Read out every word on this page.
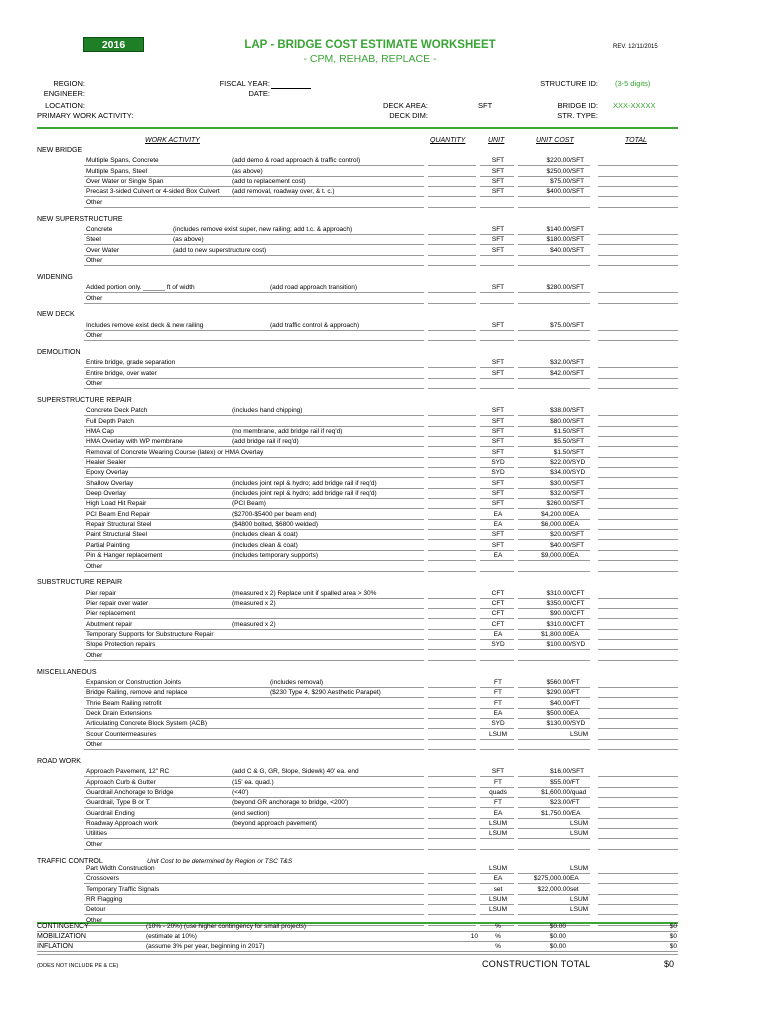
2016	LAP - BRIDGE COST ESTIMATE WORKSHEET
- CPM, REHAB, REPLACE -
REV. 12/11/2015
REGION:
ENGINEER:
LOCATION:
PRIMARY WORK ACTIVITY:
FISCAL YEAR:
DATE:
DECK AREA:
DECK DIM:
SFT
STRUCTURE ID: (3-5 digits)
BRIDGE ID: XXX-XXXXX
STR. TYPE:
WORK ACTIVITY	QUANTITY	UNIT	UNIT COST	TOTAL
NEW BRIDGE
Multiple Spans, Concrete	(add demo & road approach & traffic control)	SFT	$220.00 /SFT
Multiple Spans, Steel	(as above)	SFT	$250.00 /SFT
Over Water or Single Span	(add to replacement cost)	SFT	$75.00 /SFT
Precast 3-sided Culvert or 4-sided Box Culvert (add removal, roadway over, & t. c.)	SFT	$400.00 /SFT
Other
NEW SUPERSTRUCTURE
Concrete	(includes remove exist super, new railing; add t.c. & approach)	SFT	$140.00 /SFT
Steel	(as above)	SFT	$180.00 /SFT
Over Water	(add to new superstructure cost)	SFT	$40.00 /SFT
Other
WIDENING
Added portion only. ______ ft of width	(add road approach transition)	SFT	$280.00 /SFT
Other
NEW DECK
Includes remove exist deck & new railing	(add traffic control & approach)	SFT	$75.00 /SFT
Other
DEMOLITION
Entire bridge, grade separation	SFT	$32.00 /SFT
Entire bridge, over water	SFT	$42.00 /SFT
Other
SUPERSTRUCTURE REPAIR
Concrete Deck Patch	(includes hand chipping)	SFT	$38.00 /SFT
Full Depth Patch	SFT	$80.00 /SFT
HMA Cap	(no membrane, add bridge rail if req'd)	SFT	$1.50 /SFT
HMA Overlay with WP membrane	(add bridge rail if req'd)	SFT	$5.50 /SFT
Removal of Concrete Wearing Course (latex) or HMA Overlay	SFT	$1.50 /SFT
Healer Sealer	SYD	$22.00 /SYD
Epoxy Overlay	SYD	$34.00 /SYD
Shallow Overlay	(includes joint repl & hydro; add bridge rail if req'd)	SFT	$30.00 /SFT
Deep Overlay	(includes joint repl & hydro; add bridge rail if req'd)	SFT	$32.00 /SFT
High Load Hit Repair	(PCI Beam)	SFT	$260.00 /SFT
PCI Beam End Repair	($2700-$5400 per beam end)	EA	$4,200.00 EA
Repair Structural Steel	($4800 bolted, $6800 welded)	EA	$6,000.00 EA
Paint Structural Steel	(includes clean & coat)	SFT	$20.00 /SFT
Partial Painting	(includes clean & coat)	SFT	$40.00 /SFT
Pin & Hanger replacement	(includes temporary supports)	EA	$9,000.00 EA
Other
SUBSTRUCTURE REPAIR
Pier repair	(measured x 2) Replace unit if spalled area > 30%	CFT	$310.00 /CFT
Pier repair over water	(measured x 2)	CFT	$350.00 /CFT
Pier replacement	CFT	$90.00 /CFT
Abutment repair	(measured x 2)	CFT	$310.00 /CFT
Temporary Supports for Substructure Repair	EA	$1,800.00 EA
Slope Protection repairs	SYD	$100.00 /SYD
Other
MISCELLANEOUS
Expansion or Construction Joints	(includes removal)	FT	$560.00 /FT
Bridge Railing, remove and replace	($230 Type 4, $290 Aesthetic Parapet)	FT	$290.00 /FT
Thrie Beam Railing retrofit	FT	$40.00 /FT
Deck Drain Extensions	EA	$500.00 EA
Articulating Concrete Block System (ACB)	SYD	$130.00 /SYD
Scour Countermeasures	LSUM	LSUM
Other
ROAD WORK
Approach Pavement, 12" RC	(add C & G, GR, Slope, Sidewk) 40' ea. end	SFT	$16.00 /SFT
Approach Curb & Gutter	(15' ea. quad.)	FT	$55.00 /FT
Guardrail Anchorage to Bridge	(<40')	quads	$1,600.00 /quad
Guardrail, Type B or T	(beyond GR anchorage to bridge, <200')	FT	$23.00 /FT
Guardrail Ending	(end section)	EA	$1,750.00 /EA
Roadway Approach work	(beyond approach pavement)	LSUM	LSUM
Utilities	LSUM	LSUM
Other
TRAFFIC CONTROL	Unit Cost to be determined by Region or TSC T&S
Part Width Construction	LSUM	LSUM
Crossovers	EA	$275,000.00 EA
Temporary Traffic Signals	set	$22,000.00 set
RR Flagging	LSUM	LSUM
Detour	LSUM	LSUM
Other
CONTINGENCY	(10% - 20%) (use higher contingency for small projects)	%	$0.00	$0
MOBILIZATION	(estimate at 10%)	10	%	$0.00	$0
INFLATION	(assume 3% per year, beginning in 2017)	%	$0.00	$0
(DOES NOT INCLUDE PE & CE)	CONSTRUCTION TOTAL	$0
